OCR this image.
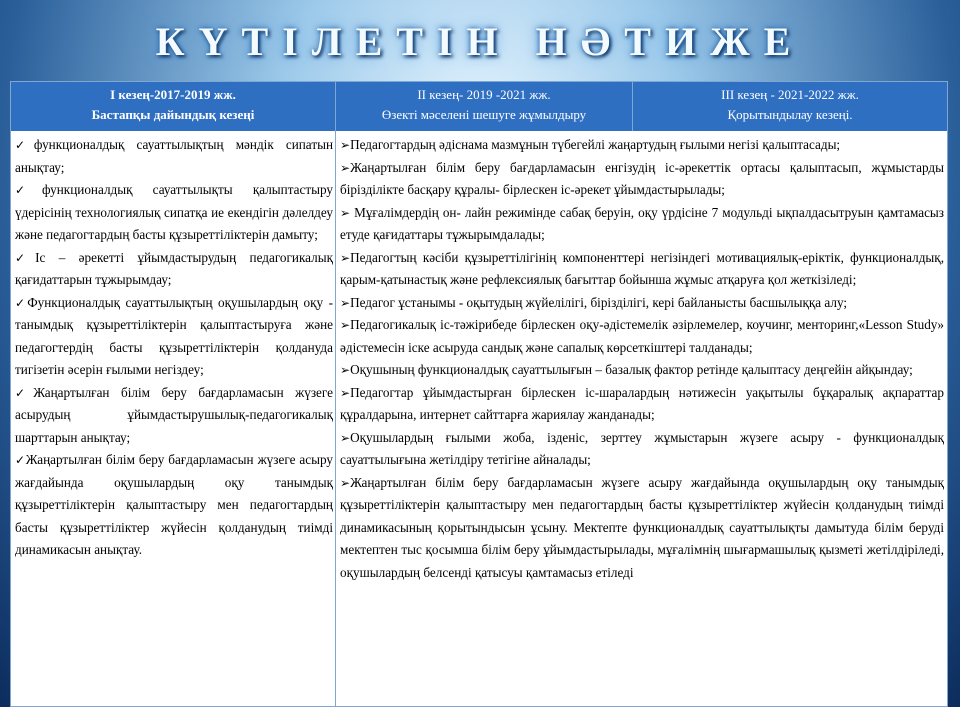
КҮТІЛЕТІН НӘТИЖЕ
I кезең-2017-2019 жж.
Бастапқы дайындық кезеңі
II кезең- 2019 -2021 жж.
Өзекті мәселені шешуге жұмылдыру
III кезең - 2021-2022 жж.
Қорытындылау кезеңі.

✓функционалдық сауаттылықтың мәндік сипатын анықтау;

✓функционалдық сауаттылықты қалыптастыру үдерісінің технологиялық сипатқа ие екендігін дәлелдеу және педагогтардың басты құзыреттіліктерін дамыту;

✓Іс – әрекетті ұйымдастырудың педагогикалық қағидаттарын тұжырымдау;

✓Функционалдық сауаттылықтың оқушылардың оқу - танымдық құзыреттіліктерін қалыптастыруға және педагогтердің басты құзыреттіліктерін қолдануда тигізетін әсерін ғылыми негіздеу;

✓Жаңартылған білім беру бағдарламасын жүзеге асырудың ұйымдастырушылық-педагогикалық шарттарын анықтау;

✓Жаңартылған білім беру бағдарламасын жүзеге асыру жағдайында оқушылардың оқу танымдық құзыреттіліктерін қалыптастыру мен педагогтардың басты құзыреттіліктер жүйесін қолданудың тиімді динамикасын анықтау.

➢Педагогтардың әдіснама мазмұнын түбегейлі жаңартудың ғылыми негізі қалыптасады;

➢Жаңартылған білім беру бағдарламасын енгізудің іс-әрекеттік ортасы қалыптасып, жұмыстарды бірізділікте басқару құралы- бірлескен іс-әрекет ұйымдастырылады;

➢ Мұғалімдердің он- лайн режимінде сабақ беруін, оқу үрдісіне 7 модульді ықпалдасытруын қамтамасыз етуде қағидаттары тұжырымдалады;

➢Педагогтың кәсіби құзыреттілігінің компоненттері негізіндегі мотивациялық-еріктік, функционалдық, қарым-қатынастық және рефлексиялық бағыттар бойынша жұмыс атқаруға қол жеткізіледі;

➢Педагог ұстанымы - оқытудың жүйелілігі, бірізділігі, кері байланысты басшылыққа алу;

➢Педагогикалық іс-тәжірибеде бірлескен оқу-әдістемелік әзірлемелер, коучинг, менторинг,«Lesson Study» әдістемесін іске асыруда сандық және сапалық көрсеткіштері талданады;

➢Оқушының функционалдық сауаттылығын – базалық фактор ретінде қалыптасу деңгейін айқындау;

➢Педагогтар ұйымдастырған бірлескен іс-шаралардың нәтижесін уақытылы бұқаралық ақпараттар құралдарына, интернет сайттарға жариялау жанданады;

➢Оқушылардың ғылыми жоба, ізденіс, зерттеу жұмыстарын жүзеге асыру - функционалдық сауаттылығына жетілдіру тетігіне айналады;

➢Жаңартылған білім беру бағдарламасын жүзеге асыру жағдайында оқушылардың оқу танымдық құзыреттіліктерін қалыптастыру мен педагогтардың басты құзыреттіліктер жүйесін қолданудың тиімді динамикасының қорытындысын ұсыну. Мектепте функционалдық сауаттылықты дамытуда білім беруді мектептен тыс қосымша білім беру ұйымдастырылады, мұғалімнің шығармашылық қызметі жетілдіріледі, оқушылардың белсенді қатысуы қамтамасыз етіледі
